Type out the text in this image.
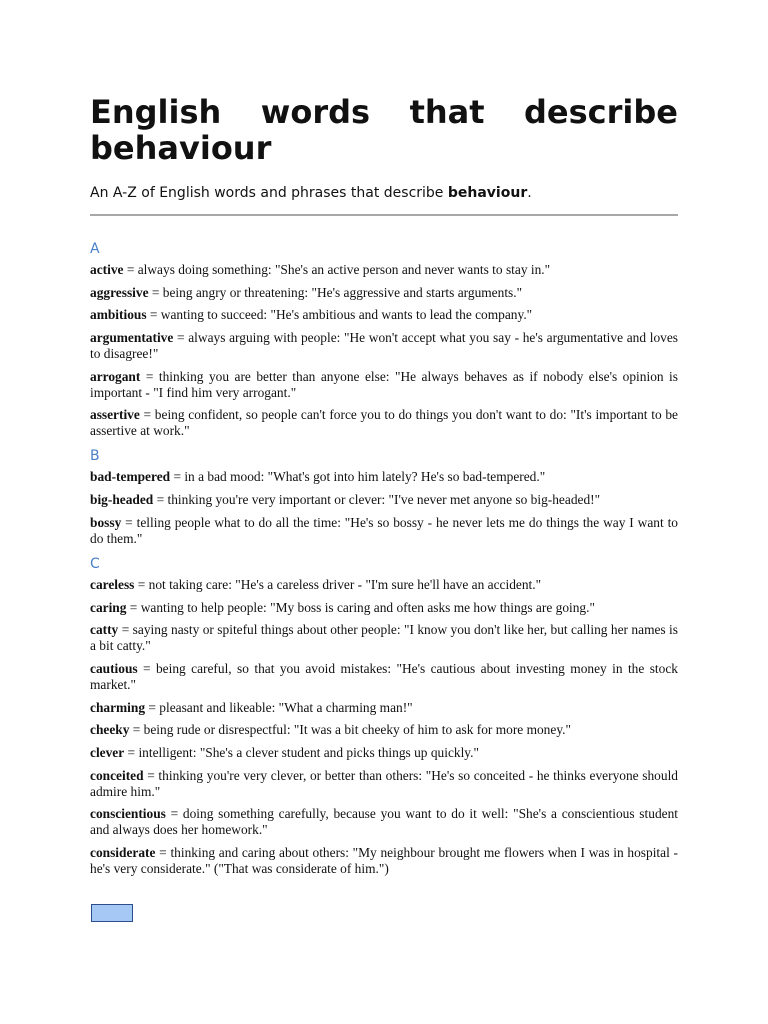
English words that describe behaviour

An A-Z of English words and phrases that describe behaviour.

A

active = always doing something: "She's an active person and never wants to stay in."

aggressive = being angry or threatening: "He's aggressive and starts arguments."

ambitious = wanting to succeed: "He's ambitious and wants to lead the company."

argumentative = always arguing with people: "He won't accept what you say - he's argumentative and loves to disagree!"

arrogant = thinking you are better than anyone else: "He always behaves as if nobody else's opinion is important - "I find him very arrogant."

assertive = being confident, so people can't force you to do things you don't want to do: "It's important to be assertive at work."

B

bad-tempered = in a bad mood: "What's got into him lately? He's so bad-tempered."

big-headed = thinking you're very important or clever: "I've never met anyone so big-headed!"

bossy = telling people what to do all the time: "He's so bossy - he never lets me do things the way I want to do them."

C

careless = not taking care: "He's a careless driver - "I'm sure he'll have an accident."

caring = wanting to help people: "My boss is caring and often asks me how things are going."

catty = saying nasty or spiteful things about other people: "I know you don't like her, but calling her names is a bit catty."

cautious = being careful, so that you avoid mistakes: "He's cautious about investing money in the stock market."

charming = pleasant and likeable: "What a charming man!"

cheeky = being rude or disrespectful: "It was a bit cheeky of him to ask for more money."

clever = intelligent: "She's a clever student and picks things up quickly."

conceited = thinking you're very clever, or better than others: "He's so conceited - he thinks everyone should admire him."

conscientious = doing something carefully, because you want to do it well: "She's a conscientious student and always does her homework."

considerate = thinking and caring about others: "My neighbour brought me flowers when I was in hospital - he's very considerate." ("That was considerate of him.")
